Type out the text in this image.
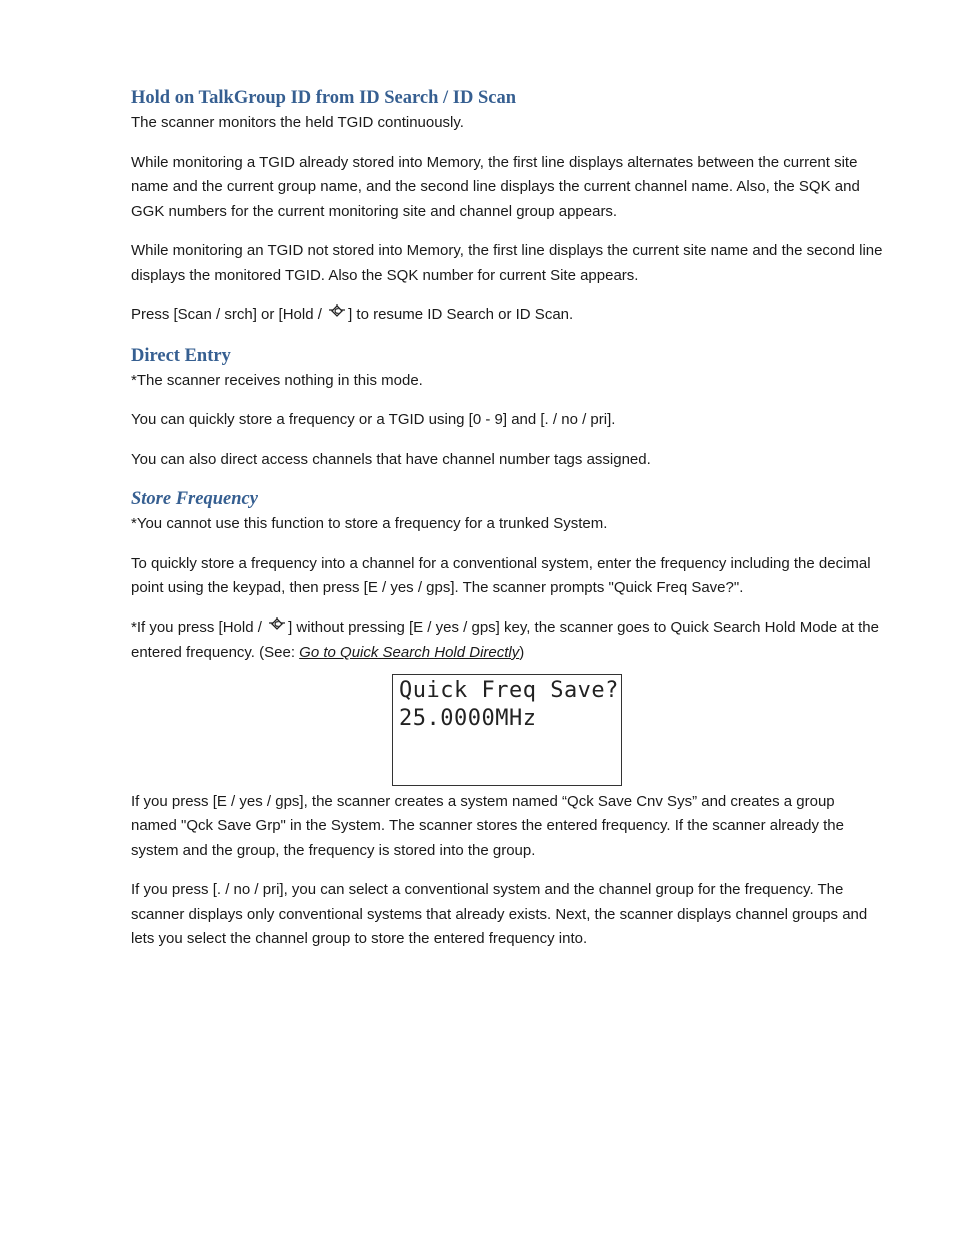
Hold on TalkGroup ID from ID Search / ID Scan

The scanner monitors the held TGID continuously.

While monitoring a TGID already stored into Memory, the first line displays alternates between the current site name and the current group name, and the second line displays the current channel name. Also, the SQK and GGK numbers for the current monitoring site and channel group appears.

While monitoring an TGID not stored into Memory, the first line displays the current site name and the second line displays the monitored TGID. Also the SQK number for current Site appears.

Press [Scan / srch] or [Hold / ] to resume ID Search or ID Scan.

Direct Entry

*The scanner receives nothing in this mode.

You can quickly store a frequency or a TGID using [0 - 9] and [. / no / pri].

You can also direct access channels that have channel number tags assigned.

Store Frequency

*You cannot use this function to store a frequency for a trunked System.

To quickly store a frequency into a channel for a conventional system, enter the frequency including the decimal point using the keypad, then press [E / yes / gps]. The scanner prompts "Quick Freq Save?".

*If you press [Hold / ] without pressing [E / yes / gps] key, the scanner goes to Quick Search Hold Mode at the entered frequency. (See: Go to Quick Search Hold Directly)

Quick Freq Save?
25.0000MHz

If you press [E / yes / gps], the scanner creates a system named “Qck Save Cnv Sys” and creates a group named "Qck Save Grp" in the System. The scanner stores the entered frequency. If the scanner already the system and the group, the frequency is stored into the group.

If you press [. / no / pri], you can select a conventional system and the channel group for the frequency. The scanner displays only conventional systems that already exists. Next, the scanner displays channel groups and lets you select the channel group to store the entered frequency into.
